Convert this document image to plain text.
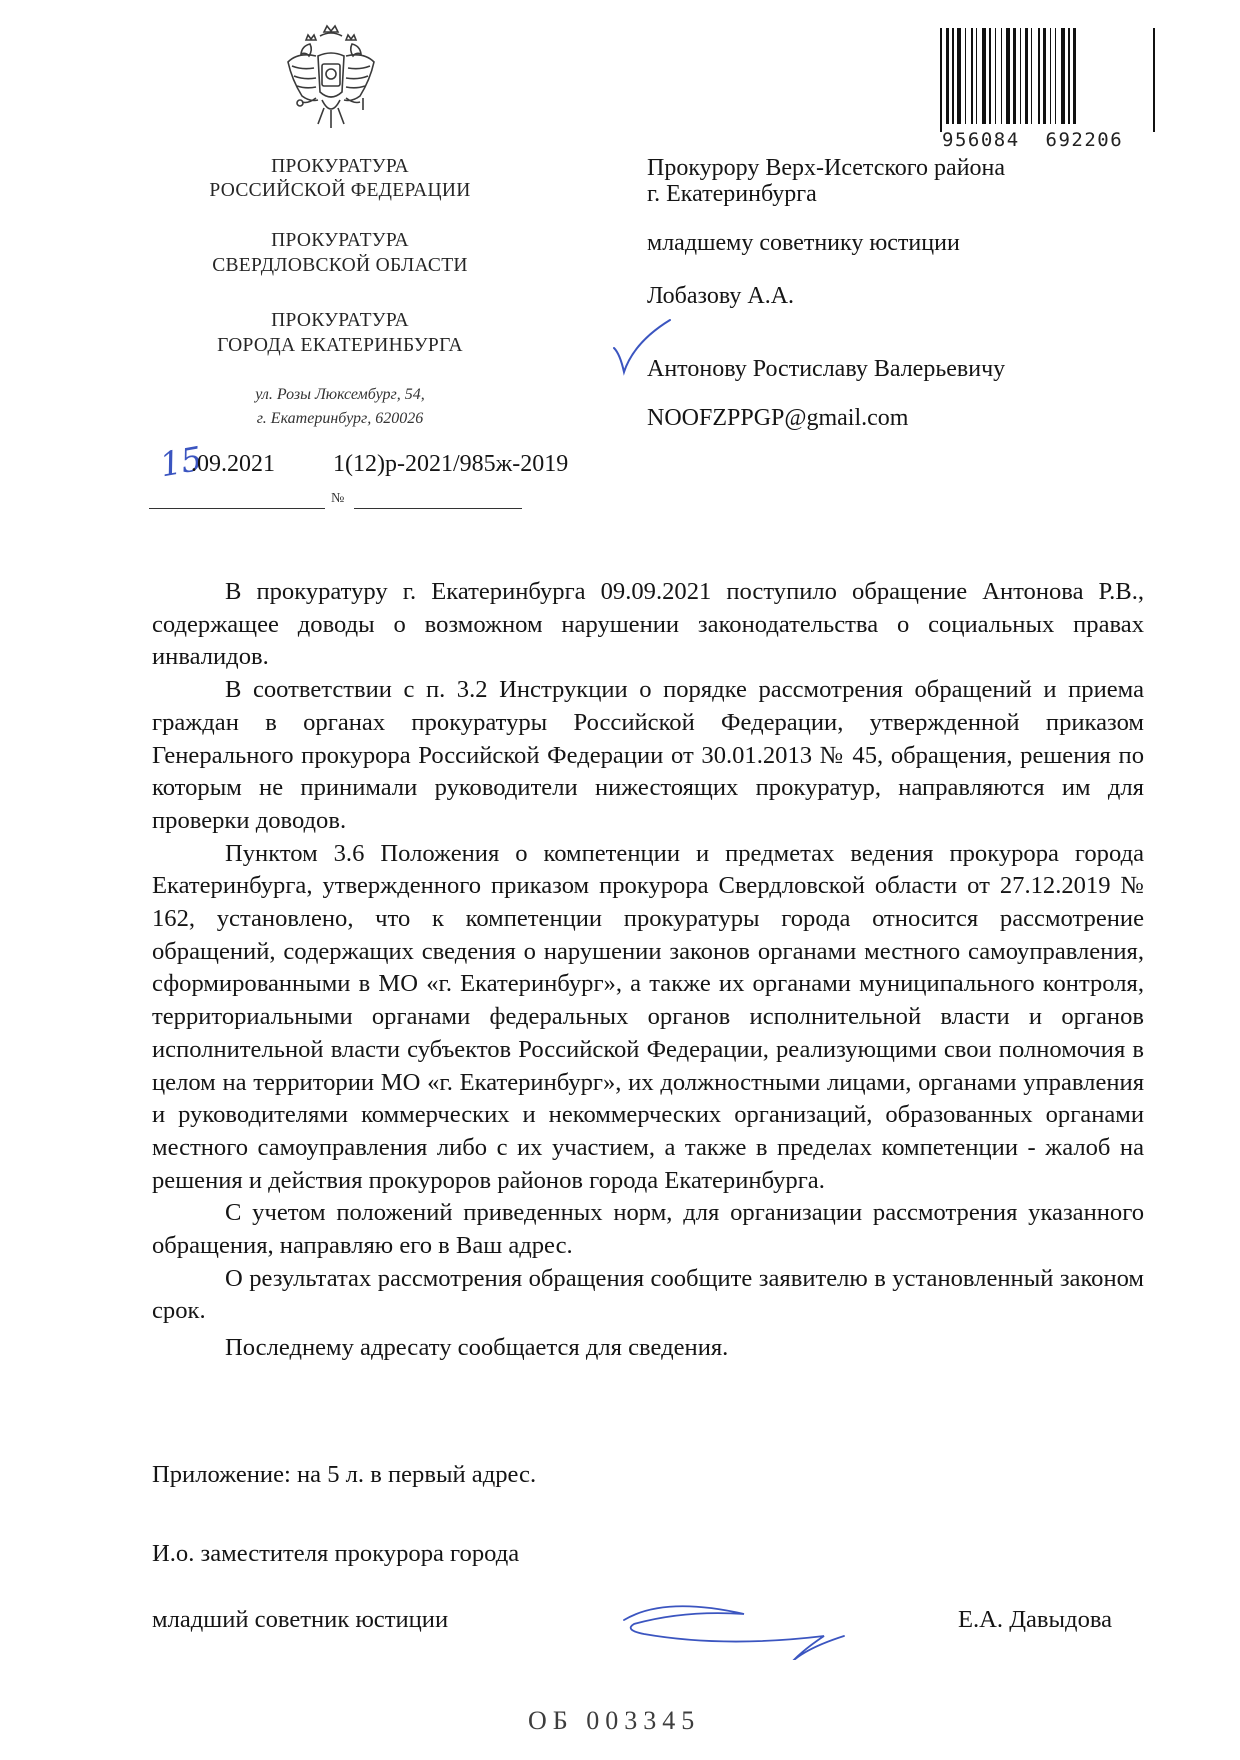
956084  692206
ПРОКУРАТУРА
РОССИЙСКОЙ ФЕДЕРАЦИИ
ПРОКУРАТУРА
СВЕРДЛОВСКОЙ ОБЛАСТИ
ПРОКУРАТУРА
ГОРОДА ЕКАТЕРИНБУРГА
ул. Розы Люксембург, 54,
г. Екатеринбург, 620026
15
.09.2021 1(12)р-2021/985ж-2019
№
Прокурору Верх-Исетского района
г. Екатеринбурга
младшему советнику юстиции
Лобазову А.А.
Антонову Ростиславу Валерьевичу
NOOFZPPGP@gmail.com

В прокуратуру г. Екатеринбурга 09.09.2021 поступило обращение Антонова Р.В., содержащее доводы о возможном нарушении законодательства о социальных правах инвалидов.

В соответствии с п. 3.2 Инструкции о порядке рассмотрения обращений и приема граждан в органах прокуратуры Российской Федерации, утвержденной приказом Генерального прокурора Российской Федерации от 30.01.2013 № 45, обращения, решения по которым не принимали руководители нижестоящих прокуратур, направляются им для проверки доводов.

Пунктом 3.6 Положения о компетенции и предметах ведения прокурора города Екатеринбурга, утвержденного приказом прокурора Свердловской области от 27.12.2019 № 162, установлено, что к компетенции прокуратуры города относится рассмотрение обращений, содержащих сведения о нарушении законов органами местного самоуправления, сформированными в МО «г. Екатеринбург», а также их органами муниципального контроля, территориальными органами федеральных органов исполнительной власти и органов исполнительной власти субъектов Российской Федерации, реализующими свои полномочия в целом на территории МО «г. Екатеринбург», их должностными лицами, органами управления и руководителями коммерческих и некоммерческих организаций, образованных органами местного самоуправления либо с их участием, а также в пределах компетенции - жалоб на решения и действия прокуроров районов города Екатеринбурга.

С учетом положений приведенных норм, для организации рассмотрения указанного обращения, направляю его в Ваш адрес.

О результатах рассмотрения обращения сообщите заявителю в установленный законом срок.

Последнему адресату сообщается для сведения.

Приложение: на 5 л. в первый адрес.
И.о. заместителя прокурора города
младший советник юстиции	Е.А. Давыдова
ОБ 003345
